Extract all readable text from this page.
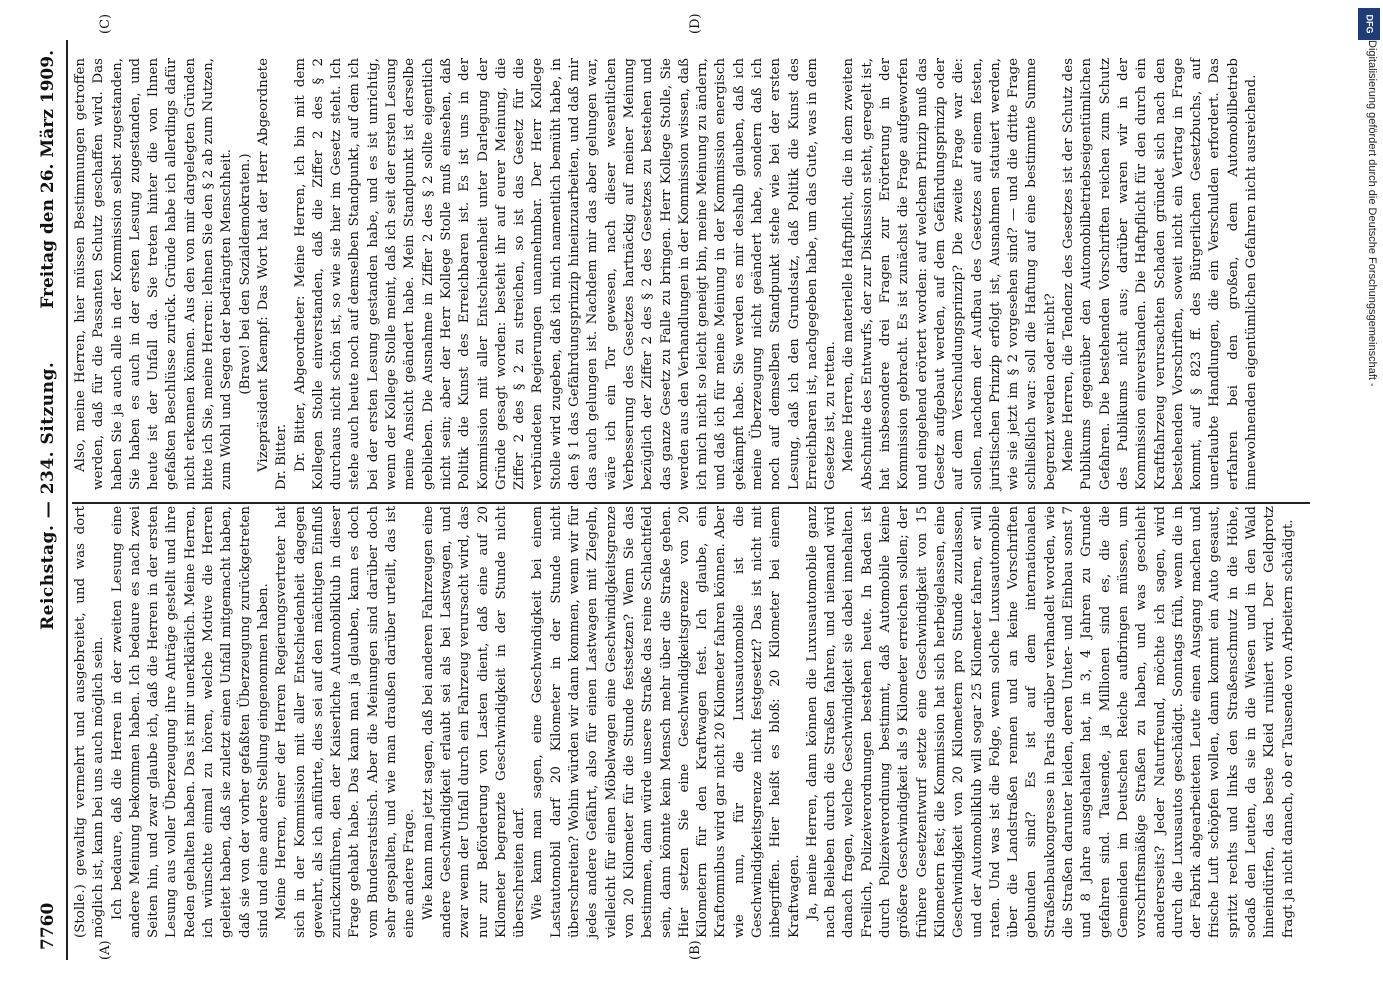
7760
Reichstag. — 234. Sitzung.
Freitag den 26. März 1909.
(A)	(B)
(C)	(D)

(Stolle.) gewaltig vermehrt und ausgebreitet, und was dort möglich ist, kann bei uns auch möglich sein. Ich bedaure, daß die Herren in der zweiten Lesung eine andere Meinung bekommen haben. Ich bedaure es nach zwei Seiten hin, und zwar glaube ich, daß die Herren in der ersten Lesung aus voller Überzeugung ihre Anträge gestellt und ihre Reden gehalten haben. Das ist mir unerklärlich. Meine Herren, ich wünschte einmal zu hören, welche Motive die Herren geleitet haben, daß sie zuletzt einen Unfall mitgemacht haben, daß sie von der vorher gefaßten Überzeugung zurückgetreten sind und eine andere Stellung eingenommen haben. Meine Herren, einer der Herren Regierungsvertreter hat sich in der Kommission mit aller Entschiedenheit dagegen gewehrt, als ich anführte, dies sei auf den mächtigen Einfluß zurückzuführen, den der Kaiserliche Automobilklub in dieser Frage gehabt habe. Das kann man ja glauben, kann es doch vom Bundesratstisch. Aber die Meinungen sind darüber doch sehr gespalten, und wie man draußen darüber urteilt, das ist eine andere Frage. Wie kann man jetzt sagen, daß bei anderen Fahrzeugen eine andere Geschwindigkeit erlaubt sei als bei Lastwagen, und zwar wenn der Unfall durch ein Fahrzeug verursacht wird, das nur zur Beförderung von Lasten dient, daß eine auf 20 Kilometer begrenzte Geschwindigkeit in der Stunde nicht überschreiten darf. Wie kann man sagen, eine Geschwindigkeit bei einem Lastautomobil darf 20 Kilometer in der Stunde nicht überschreiten? Wohin würden wir dann kommen, wenn wir für jedes andere Gefährt, also für einen Lastwagen mit Ziegeln, vielleicht für einen Möbelwagen eine Geschwindigkeitsgrenze von 20 Kilometer für die Stunde festsetzen? Wenn Sie das bestimmen, dann würde unsere Straße das reine Schlachtfeld sein, dann könnte kein Mensch mehr über die Straße gehen. Hier setzen Sie eine Geschwindigkeitsgrenze von 20 Kilometern für den Kraftwagen fest. Ich glaube, ein Kraftomnibus wird gar nicht 20 Kilometer fahren können. Aber wie nun, für die Luxusautomobile ist die Geschwindigkeitsgrenze nicht festgesetzt? Das ist nicht mit inbegriffen. Hier heißt es bloß: 20 Kilometer bei einem Kraftwagen. Ja, meine Herren, dann können die Luxusautomobile ganz nach Belieben durch die Straßen fahren, und niemand wird danach fragen, welche Geschwindigkeit sie dabei innehalten. Freilich, Polizeiverordnungen bestehen heute. In Baden ist durch Polizeiverordnung bestimmt, daß Automobile keine größere Geschwindigkeit als 9 Kilometer erreichen sollen; der frühere Gesetzentwurf setzte eine Geschwindigkeit von 15 Kilometern fest; die Kommission hat sich herbeigelassen, eine Geschwindigkeit von 20 Kilometern pro Stunde zuzulassen, und der Automobilklub will sogar 25 Kilometer fahren, er will raten. Und was ist die Folge, wenn solche Luxusautomobile über die Landstraßen rennen und an keine Vorschriften gebunden sind? Es ist auf dem internationalen Straßenbaukongresse in Paris darüber verhandelt worden, wie die Straßen darunter leiden, deren Unter- und Einbau sonst 7 und 8 Jahre ausgehalten hat, in 3, 4 Jahren zu Grunde gefahren sind. Tausende, ja Millionen sind es, die die Gemeinden im Deutschen Reiche aufbringen müssen, um vorschriftsmäßige Straßen zu haben, und was geschieht andererseits? Jeder Naturfreund, möchte ich sagen, wird durch die Luxusautos geschädigt. Sonntags früh, wenn die in der Fabrik abgearbeiteten Leute einen Ausgang machen und frische Luft schöpfen wollen, dann kommt ein Auto gesaust, spritzt rechts und links den Straßenschmutz in die Höhe, sodaß den Leuten, da sie in die Wiesen und in den Wald hineindürfen, das beste Kleid ruiniert wird. Der Geldprotz fragt ja nicht danach, ob er Tausende von Arbeitern schädigt.

Also, meine Herren, hier müssen Bestimmungen getroffen werden, daß für die Passanten Schutz geschaffen wird. Das haben Sie ja auch alle in der Kommission selbst zugestanden, Sie haben es auch in der ersten Lesung zugestanden, und heute ist der Unfall da. Sie treten hinter die von Ihnen gefaßten Beschlüsse zurück. Gründe habe ich allerdings dafür nicht erkennen können. Aus den von mir dargelegten Gründen bitte ich Sie, meine Herren: lehnen Sie den § 2 ab zum Nutzen, zum Wohl und Segen der bedrängten Menschheit. (Bravo! bei den Sozialdemokraten.) Vizepräsident Kaempf: Das Wort hat der Herr Abgeordnete Dr. Bitter. Dr. Bitter, Abgeordneter: Meine Herren, ich bin mit dem Kollegen Stolle einverstanden, daß die Ziffer 2 des § 2 durchaus nicht schön ist, so wie sie hier im Gesetz steht. Ich stehe auch heute noch auf demselben Standpunkt, auf dem ich bei der ersten Lesung gestanden habe, und es ist unrichtig, wenn der Kollege Stolle meint, daß ich seit der ersten Lesung meine Ansicht geändert habe. Mein Standpunkt ist derselbe geblieben. Die Ausnahme in Ziffer 2 des § 2 sollte eigentlich nicht sein; aber der Herr Kollege Stolle muß einsehen, daß Politik die Kunst des Erreichbaren ist. Es ist uns in der Kommission mit aller Entschiedenheit unter Darlegung der Gründe gesagt worden: besteht ihr auf eurer Meinung, die Ziffer 2 des § 2 zu streichen, so ist das Gesetz für die verbündeten Regierungen unannehmbar. Der Herr Kollege Stolle wird zugeben, daß ich mich namentlich bemüht habe, in den § 1 das Gefährdungsprinzip hineinzuarbeiten, und daß mir das auch gelungen ist. Nachdem mir das aber gelungen war, wäre ich ein Tor gewesen, nach dieser wesentlichen Verbesserung des Gesetzes hartnäckig auf meiner Meinung bezüglich der Ziffer 2 des § 2 des Gesetzes zu bestehen und das ganze Gesetz zu Falle zu bringen. Herr Kollege Stolle, Sie werden aus den Verhandlungen in der Kommission wissen, daß ich mich nicht so leicht geneigt bin, meine Meinung zu ändern, und daß ich für meine Meinung in der Kommission energisch gekämpft habe. Sie werden es mir deshalb glauben, daß ich meine Überzeugung nicht geändert habe, sondern daß ich noch auf demselben Standpunkt stehe wie bei der ersten Lesung, daß ich den Grundsatz, daß Politik die Kunst des Erreichbaren ist, nachgegeben habe, um das Gute, was in dem Gesetze ist, zu retten. Meine Herren, die materielle Haftpflicht, die in dem zweiten Abschnitte des Entwurfs, der zur Diskussion steht, geregelt ist, hat insbesondere drei Fragen zur Erörterung in der Kommission gebracht. Es ist zunächst die Frage aufgeworfen und eingehend erörtert worden: auf welchem Prinzip muß das Gesetz aufgebaut werden, auf dem Gefährdungsprinzip oder auf dem Verschuldungsprinzip? Die zweite Frage war die: sollen, nachdem der Aufbau des Gesetzes auf einem festen, juristischen Prinzip erfolgt ist, Ausnahmen statuiert werden, wie sie jetzt im § 2 vorgesehen sind? — und die dritte Frage schließlich war: soll die Haftung auf eine bestimmte Summe begrenzt werden oder nicht? Meine Herren, die Tendenz des Gesetzes ist der Schutz des Publikums gegenüber den Automobilbetriebseigentümlichen Gefahren. Die bestehenden Vorschriften reichen zum Schutz des Publikums nicht aus; darüber waren wir in der Kommission einverstanden. Die Haftpflicht für den durch ein Kraftfahrzeug verursachten Schaden gründet sich nach den bestehenden Vorschriften, soweit nicht ein Vertrag in Frage kommt, auf § 823 ff. des Bürgerlichen Gesetzbuchs, auf unerlaubte Handlungen, die ein Verschulden erfordert. Das erfahren bei den großen, dem Automobilbetrieb innewohnenden eigentümlichen Gefahren nicht ausreichend.

DFG
Digitalisierung gefördert durch die Deutsche Forschungsgemeinschaft -
